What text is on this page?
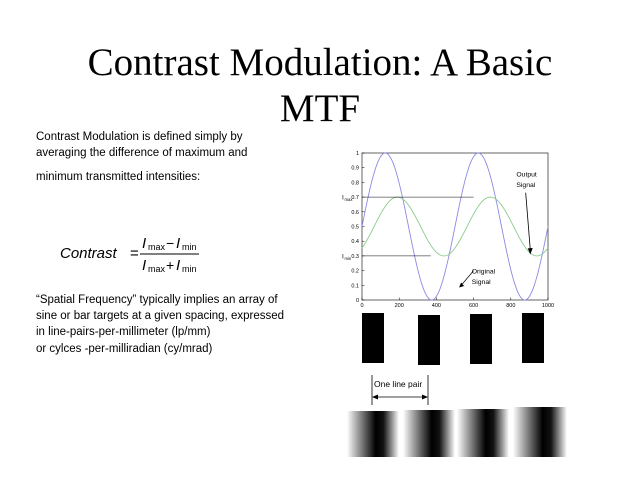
Contrast Modulation: A Basic MTF
Contrast Modulation is defined simply by averaging the difference of maximum and
minimum transmitted intensities:
Contrast =
I max − I min
I max + I min
“Spatial Frequency” typically implies an array of sine or bar targets at a given spacing, expressed in line-pairs-per-millimeter (lp/mm)
or cylces -per-milliradian (cy/mrad)
0
0.1
0.2
0.3
0.4
0.5
0.6
0.7
0.8
0.9
1
0	200	400	600	800	1000
I max
I min
Output
Signal
Original
Signal
One line pair
